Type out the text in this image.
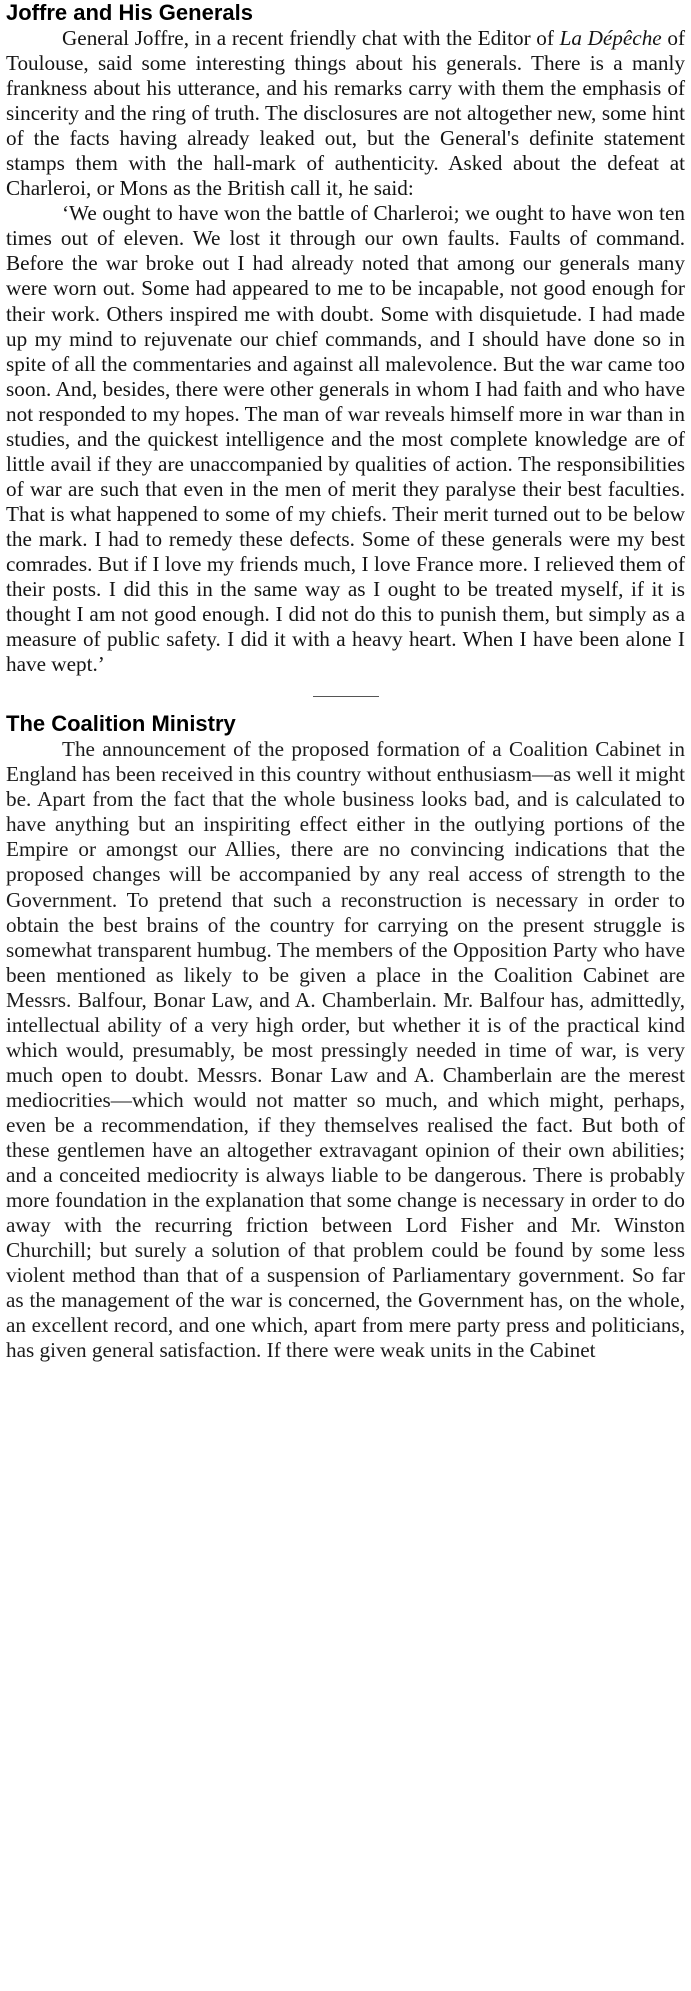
Joffre and His Generals

General Joffre, in a recent friendly chat with the Editor of La Dépêche of Toulouse, said some interesting things about his generals. There is a manly frankness about his utterance, and his remarks carry with them the emphasis of sincerity and the ring of truth. The disclosures are not altogether new, some hint of the facts having already leaked out, but the General's definite statement stamps them with the hall-mark of authenticity. Asked about the defeat at Charleroi, or Mons as the British call it, he said:

‘We ought to have won the battle of Charleroi; we ought to have won ten times out of eleven. We lost it through our own faults. Faults of command. Before the war broke out I had already noted that among our generals many were worn out. Some had appeared to me to be incapable, not good enough for their work. Others inspired me with doubt. Some with disquietude. I had made up my mind to rejuvenate our chief commands, and I should have done so in spite of all the commentaries and against all malevolence. But the war came too soon. And, besides, there were other generals in whom I had faith and who have not responded to my hopes. The man of war reveals himself more in war than in studies, and the quickest intelligence and the most complete knowledge are of little avail if they are unaccompanied by qualities of action. The responsibilities of war are such that even in the men of merit they paralyse their best faculties. That is what happened to some of my chiefs. Their merit turned out to be below the mark. I had to remedy these defects. Some of these generals were my best comrades. But if I love my friends much, I love France more. I relieved them of their posts. I did this in the same way as I ought to be treated myself, if it is thought I am not good enough. I did not do this to punish them, but simply as a measure of public safety. I did it with a heavy heart. When I have been alone I have wept.’

The Coalition Ministry

The announcement of the proposed formation of a Coalition Cabinet in England has been received in this country without enthusiasm—as well it might be. Apart from the fact that the whole business looks bad, and is calculated to have anything but an inspiriting effect either in the outlying portions of the Empire or amongst our Allies, there are no convincing indications that the proposed changes will be accompanied by any real access of strength to the Government. To pretend that such a reconstruction is necessary in order to obtain the best brains of the country for carrying on the present struggle is somewhat transparent humbug. The members of the Opposition Party who have been mentioned as likely to be given a place in the Coalition Cabinet are Messrs. Balfour, Bonar Law, and A. Chamberlain. Mr. Balfour has, admittedly, intellectual ability of a very high order, but whether it is of the practical kind which would, presumably, be most pressingly needed in time of war, is very much open to doubt. Messrs. Bonar Law and A. Chamberlain are the merest mediocrities—which would not matter so much, and which might, perhaps, even be a recommendation, if they themselves realised the fact. But both of these gentlemen have an altogether extravagant opinion of their own abilities; and a conceited mediocrity is always liable to be dangerous. There is probably more foundation in the explanation that some change is necessary in order to do away with the recurring friction between Lord Fisher and Mr. Winston Churchill; but surely a solution of that problem could be found by some less violent method than that of a suspension of Parliamentary government. So far as the management of the war is concerned, the Government has, on the whole, an excellent record, and one which, apart from mere party press and politicians, has given general satisfaction. If there were weak units in the Cabinet
